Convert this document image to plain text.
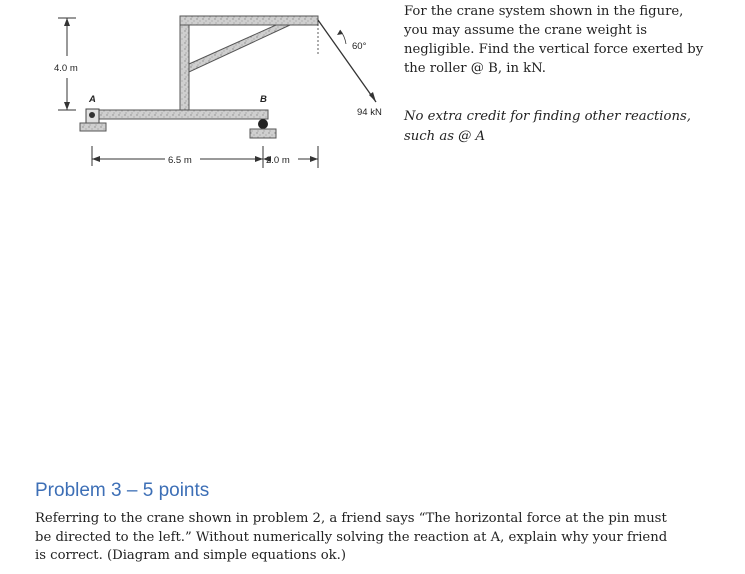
4.0 m
A	B
60°
94 kN
6.5 m	2.0 m
For the crane system shown in the figure,
you may assume the crane weight is
negligible. Find the vertical force exerted by
the roller @ B, in kN.
No extra credit for finding other reactions,
such as @ A
Problem 3 – 5 points
Referring to the crane shown in problem 2, a friend says “The horizontal force at the pin must
be directed to the left.” Without numerically solving the reaction at A, explain why your friend
is correct. (Diagram and simple equations ok.)
